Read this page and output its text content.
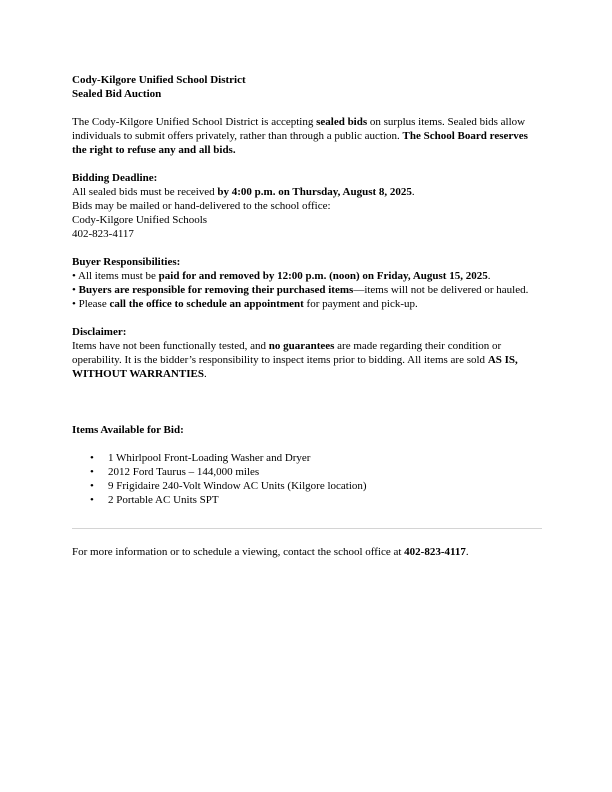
Cody-Kilgore Unified School District

Sealed Bid Auction

The Cody-Kilgore Unified School District is accepting sealed bids on surplus items. Sealed bids allow individuals to submit offers privately, rather than through a public auction. The School Board reserves the right to refuse any and all bids.

Bidding Deadline:

All sealed bids must be received by 4:00 p.m. on Thursday, August 8, 2025.

Bids may be mailed or hand-delivered to the school office:

Cody-Kilgore Unified Schools

402-823-4117

Buyer Responsibilities:

• All items must be paid for and removed by 12:00 p.m. (noon) on Friday, August 15, 2025.

• Buyers are responsible for removing their purchased items—items will not be delivered or hauled.

• Please call the office to schedule an appointment for payment and pick-up.

Disclaimer:

Items have not been functionally tested, and no guarantees are made regarding their condition or operability. It is the bidder’s responsibility to inspect items prior to bidding. All items are sold AS IS, WITHOUT WARRANTIES.

Items Available for Bid:

• 1 Whirlpool Front-Loading Washer and Dryer
• 2012 Ford Taurus – 144,000 miles
• 9 Frigidaire 240-Volt Window AC Units (Kilgore location)
• 2 Portable AC Units SPT

For more information or to schedule a viewing, contact the school office at 402-823-4117.
